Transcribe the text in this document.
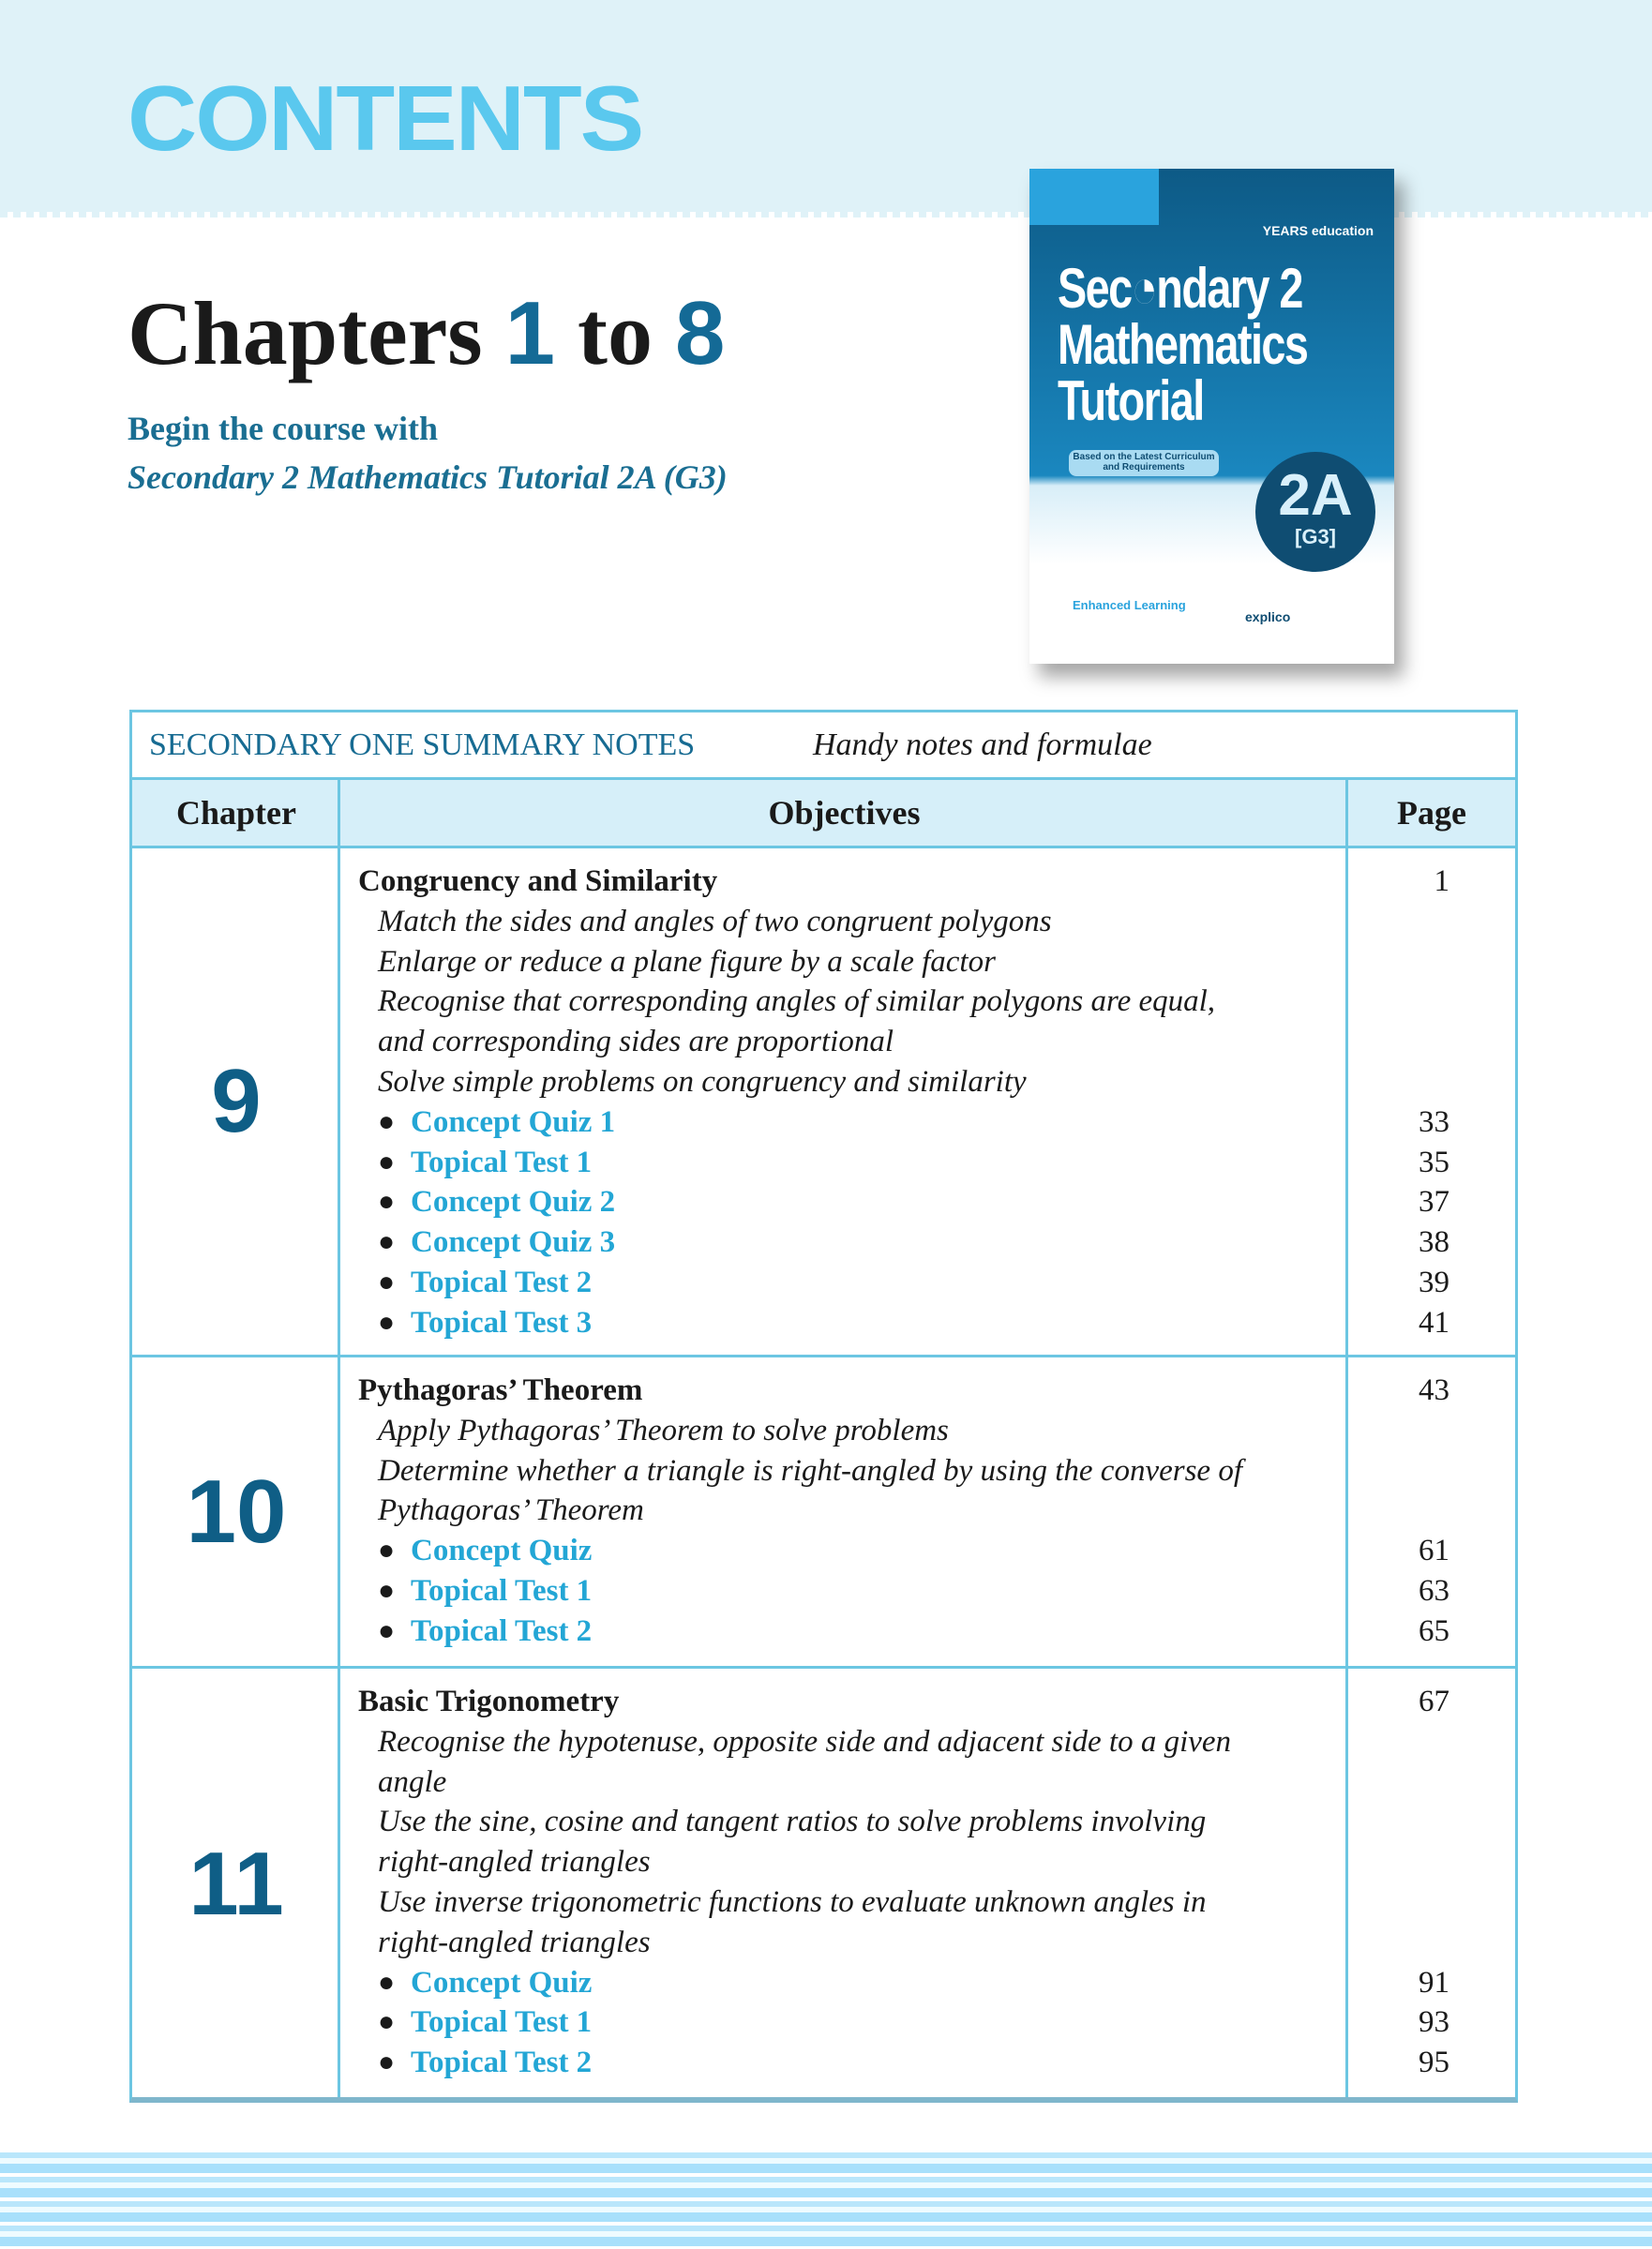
CONTENTS
Chapters 1 to 8
Begin the course with
Secondary 2 Mathematics Tutorial 2A (G3)
YEARS education
Sec◔ndary 2
Mathematics
Tutorial
Based on the Latest Curriculum and Requirements	2A
[G3]
Enhanced Learning
explico
SECONDARY ONE SUMMARY NOTES	Handy notes and formulae
Chapter	Objectives	Page
9
Congruency and Similarity	1
Match the sides and angles of two congruent polygons
Enlarge or reduce a plane figure by a scale factor
Recognise that corresponding angles of similar polygons are equal,
and corresponding sides are proportional
Solve simple problems on congruency and similarity
● Concept Quiz 1	33
● Topical Test 1	35
● Concept Quiz 2	37
● Concept Quiz 3	38
● Topical Test 2	39
● Topical Test 3	41
10
Pythagoras’ Theorem	43
Apply Pythagoras’ Theorem to solve problems
Determine whether a triangle is right-angled by using the converse of
Pythagoras’ Theorem
● Concept Quiz	61
● Topical Test 1	63
● Topical Test 2	65
11
Basic Trigonometry	67
Recognise the hypotenuse, opposite side and adjacent side to a given
angle
Use the sine, cosine and tangent ratios to solve problems involving
right-angled triangles
Use inverse trigonometric functions to evaluate unknown angles in
right-angled triangles
● Concept Quiz	91
● Topical Test 1	93
● Topical Test 2	95
